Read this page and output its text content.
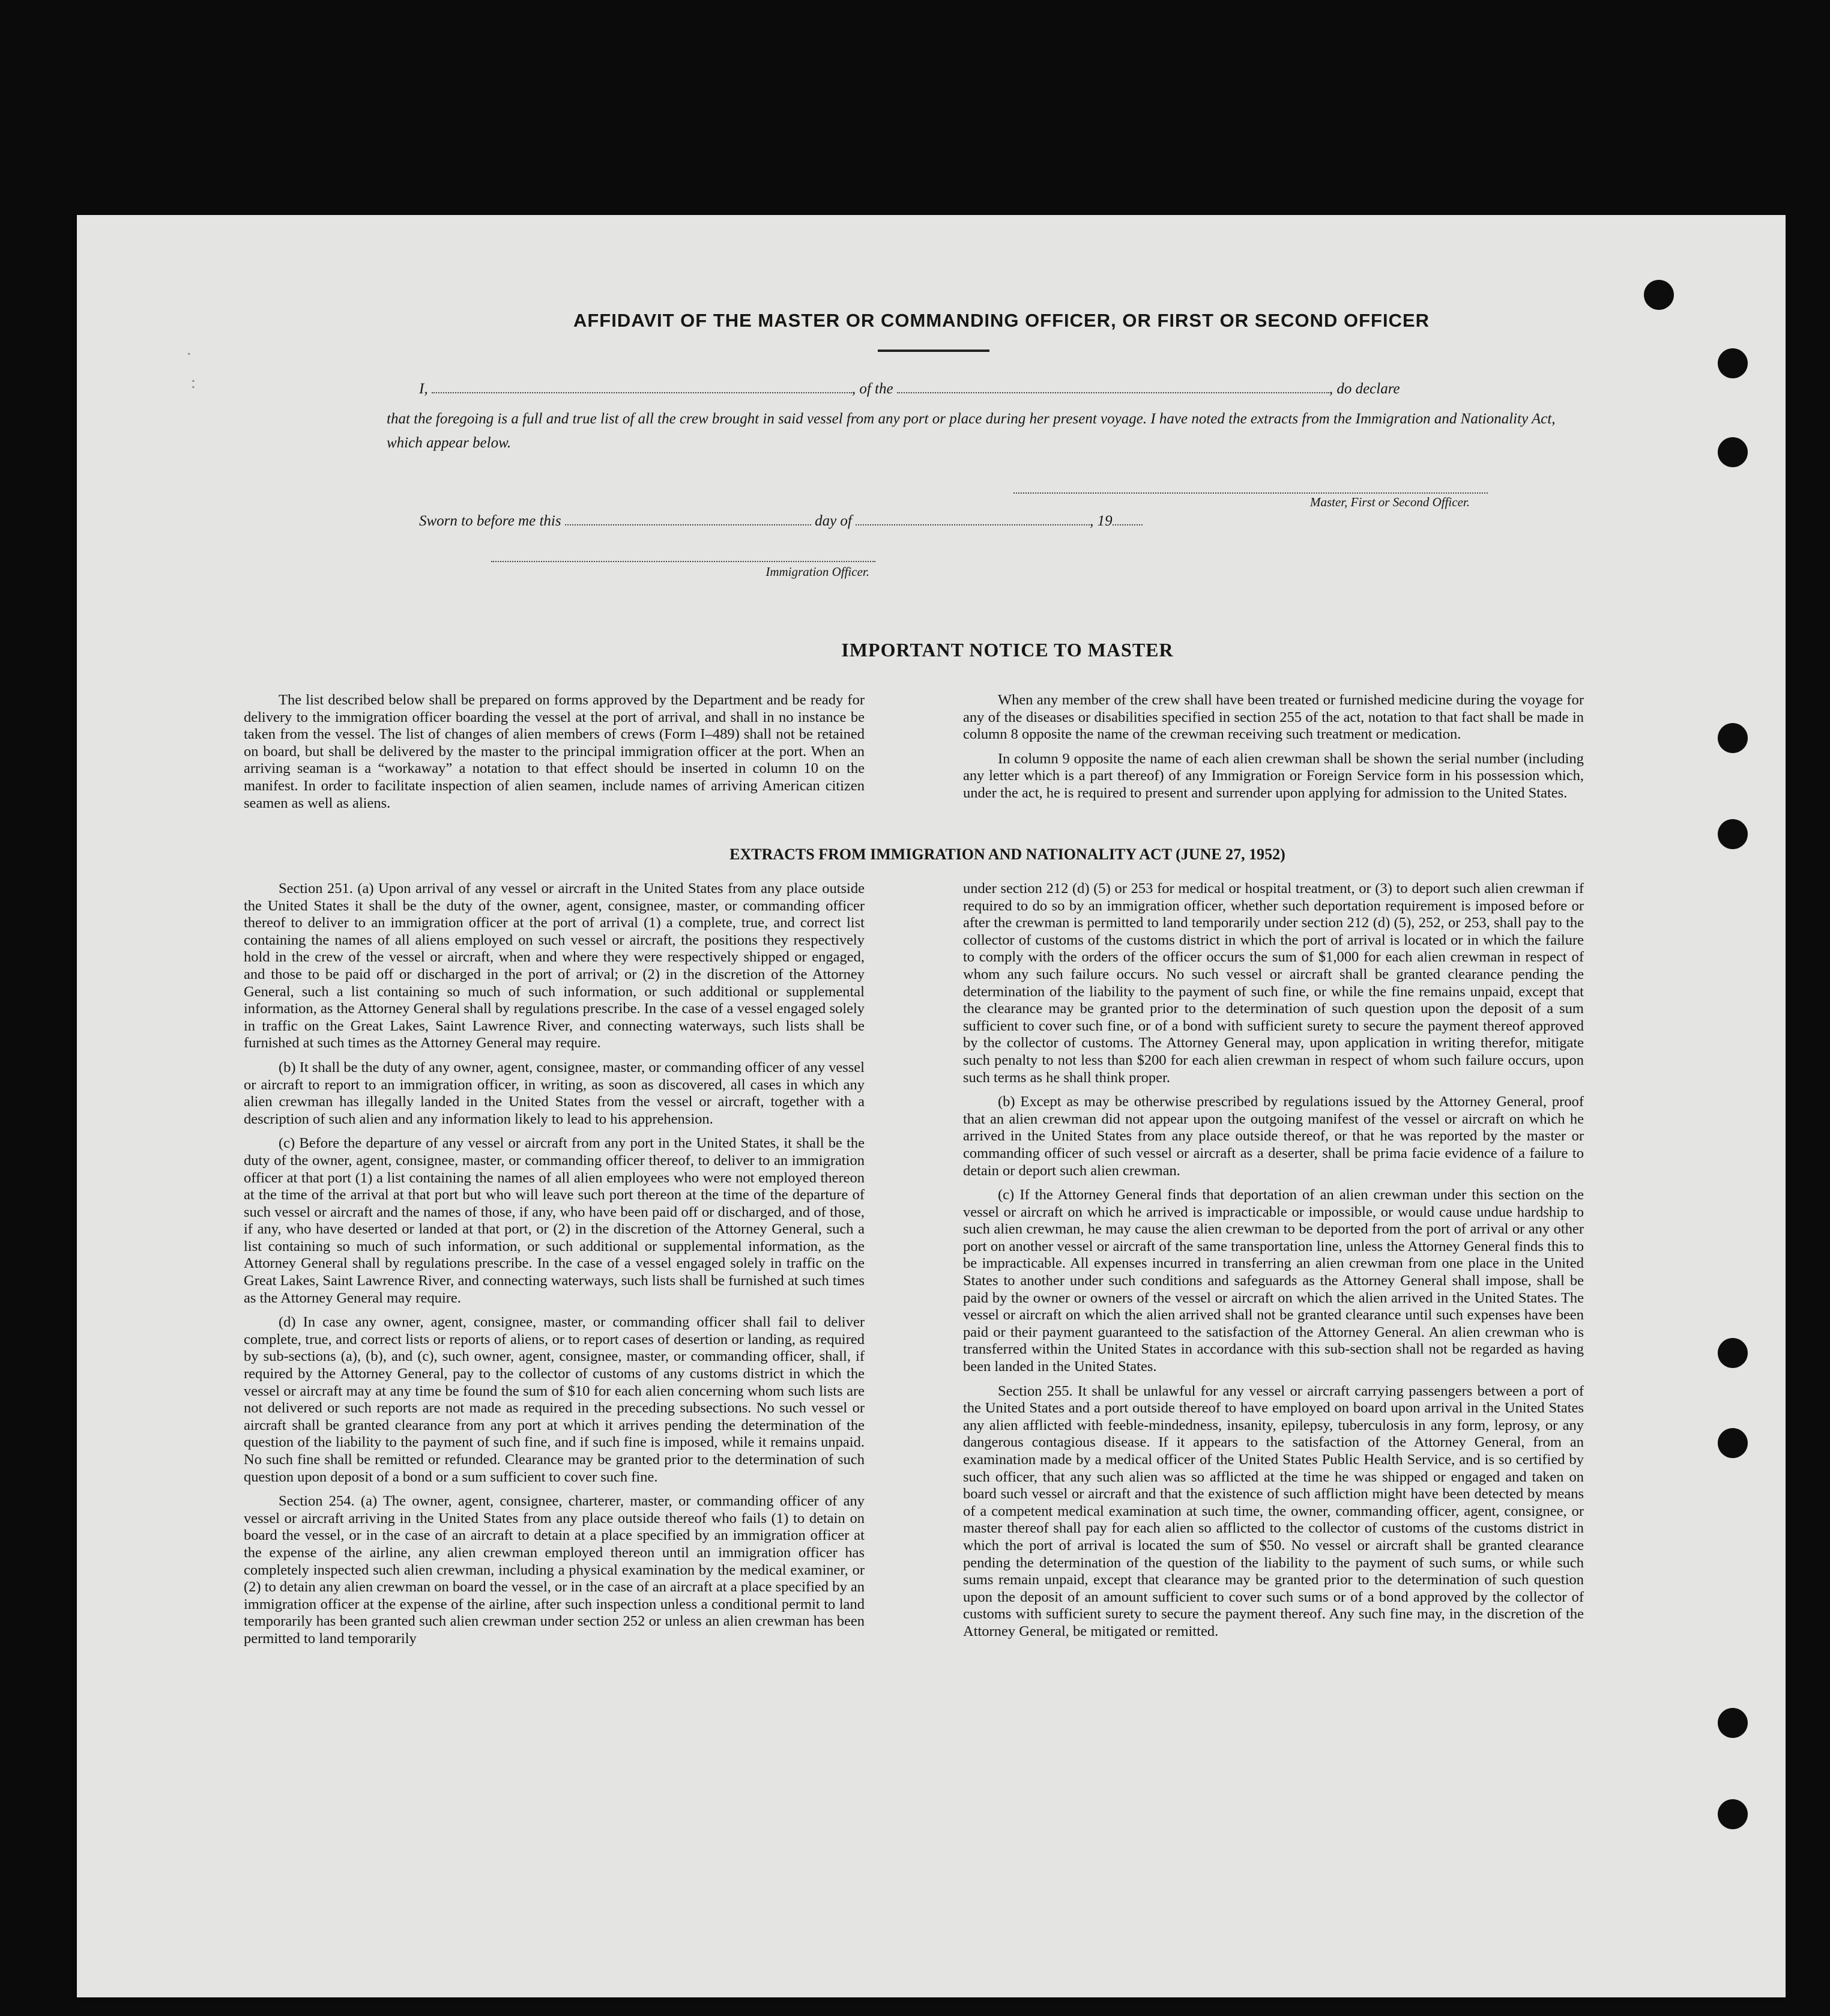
AFFIDAVIT OF THE MASTER OR COMMANDING OFFICER, OR FIRST OR SECOND OFFICER
I,	, of the	, do declare
that the foregoing is a full and true list of all the crew brought in said vessel from any port or place during her present voyage. I have noted the extracts from the Immigration and Nationality Act, which appear below.
Master, First or Second Officer.
Sworn to before me this	day of	, 19
Immigration Officer.
IMPORTANT NOTICE TO MASTER

The list described below shall be prepared on forms approved by the Department and be ready for delivery to the immigration officer boarding the vessel at the port of arrival, and shall in no instance be taken from the vessel. The list of changes of alien members of crews (Form I–489) shall not be retained on board, but shall be delivered by the master to the principal immigration officer at the port. When an arriving seaman is a “workaway” a notation to that effect should be inserted in column 10 on the manifest. In order to facilitate inspection of alien seamen, include names of arriving American citizen seamen as well as aliens.

When any member of the crew shall have been treated or furnished medicine during the voyage for any of the diseases or disabilities specified in section 255 of the act, notation to that fact shall be made in column 8 opposite the name of the crewman receiving such treatment or medication.

In column 9 opposite the name of each alien crewman shall be shown the serial number (including any letter which is a part thereof) of any Immigration or Foreign Service form in his possession which, under the act, he is required to present and surrender upon applying for admission to the United States.

EXTRACTS FROM IMMIGRATION AND NATIONALITY ACT (JUNE 27, 1952)

Section 251. (a) Upon arrival of any vessel or aircraft in the United States from any place outside the United States it shall be the duty of the owner, agent, consignee, master, or commanding officer thereof to deliver to an immigration officer at the port of arrival (1) a complete, true, and correct list containing the names of all aliens employed on such vessel or aircraft, the positions they respectively hold in the crew of the vessel or aircraft, when and where they were respectively shipped or engaged, and those to be paid off or discharged in the port of arrival; or (2) in the discretion of the Attorney General, such a list containing so much of such information, or such additional or supplemental information, as the Attorney General shall by regulations prescribe. In the case of a vessel engaged solely in traffic on the Great Lakes, Saint Lawrence River, and connecting waterways, such lists shall be furnished at such times as the Attorney General may require.

(b) It shall be the duty of any owner, agent, consignee, master, or commanding officer of any vessel or aircraft to report to an immigration officer, in writing, as soon as discovered, all cases in which any alien crewman has illegally landed in the United States from the vessel or aircraft, together with a description of such alien and any information likely to lead to his apprehension.

(c) Before the departure of any vessel or aircraft from any port in the United States, it shall be the duty of the owner, agent, consignee, master, or commanding officer thereof, to deliver to an immigration officer at that port (1) a list containing the names of all alien employees who were not employed thereon at the time of the arrival at that port but who will leave such port thereon at the time of the departure of such vessel or aircraft and the names of those, if any, who have been paid off or discharged, and of those, if any, who have deserted or landed at that port, or (2) in the discretion of the Attorney General, such a list containing so much of such information, or such additional or supplemental information, as the Attorney General shall by regulations prescribe. In the case of a vessel engaged solely in traffic on the Great Lakes, Saint Lawrence River, and connecting waterways, such lists shall be furnished at such times as the Attorney General may require.

(d) In case any owner, agent, consignee, master, or commanding officer shall fail to deliver complete, true, and correct lists or reports of aliens, or to report cases of desertion or landing, as required by sub-sections (a), (b), and (c), such owner, agent, consignee, master, or commanding officer, shall, if required by the Attorney General, pay to the collector of customs of any customs district in which the vessel or aircraft may at any time be found the sum of $10 for each alien concerning whom such lists are not delivered or such reports are not made as required in the preceding subsections. No such vessel or aircraft shall be granted clearance from any port at which it arrives pending the determination of the question of the liability to the payment of such fine, and if such fine is imposed, while it remains unpaid. No such fine shall be remitted or refunded. Clearance may be granted prior to the determination of such question upon deposit of a bond or a sum sufficient to cover such fine.

Section 254. (a) The owner, agent, consignee, charterer, master, or commanding officer of any vessel or aircraft arriving in the United States from any place outside thereof who fails (1) to detain on board the vessel, or in the case of an aircraft to detain at a place specified by an immigration officer at the expense of the airline, any alien crewman employed thereon until an immigration officer has completely inspected such alien crewman, including a physical examination by the medical examiner, or (2) to detain any alien crewman on board the vessel, or in the case of an aircraft at a place specified by an immigration officer at the expense of the airline, after such inspection unless a conditional permit to land temporarily has been granted such alien crewman under section 252 or unless an alien crewman has been permitted to land temporarily

under section 212 (d) (5) or 253 for medical or hospital treatment, or (3) to deport such alien crewman if required to do so by an immigration officer, whether such deportation requirement is imposed before or after the crewman is permitted to land temporarily under section 212 (d) (5), 252, or 253, shall pay to the collector of customs of the customs district in which the port of arrival is located or in which the failure to comply with the orders of the officer occurs the sum of $1,000 for each alien crewman in respect of whom any such failure occurs. No such vessel or aircraft shall be granted clearance pending the determination of the liability to the payment of such fine, or while the fine remains unpaid, except that the clearance may be granted prior to the determination of such question upon the deposit of a sum sufficient to cover such fine, or of a bond with sufficient surety to secure the payment thereof approved by the collector of customs. The Attorney General may, upon application in writing therefor, mitigate such penalty to not less than $200 for each alien crewman in respect of whom such failure occurs, upon such terms as he shall think proper.

(b) Except as may be otherwise prescribed by regulations issued by the Attorney General, proof that an alien crewman did not appear upon the outgoing manifest of the vessel or aircraft on which he arrived in the United States from any place outside thereof, or that he was reported by the master or commanding officer of such vessel or aircraft as a deserter, shall be prima facie evidence of a failure to detain or deport such alien crewman.

(c) If the Attorney General finds that deportation of an alien crewman under this section on the vessel or aircraft on which he arrived is impracticable or impossible, or would cause undue hardship to such alien crewman, he may cause the alien crewman to be deported from the port of arrival or any other port on another vessel or aircraft of the same transportation line, unless the Attorney General finds this to be impracticable. All expenses incurred in transferring an alien crewman from one place in the United States to another under such conditions and safeguards as the Attorney General shall impose, shall be paid by the owner or owners of the vessel or aircraft on which the alien arrived in the United States. The vessel or aircraft on which the alien arrived shall not be granted clearance until such expenses have been paid or their payment guaranteed to the satisfaction of the Attorney General. An alien crewman who is transferred within the United States in accordance with this sub-section shall not be regarded as having been landed in the United States.

Section 255. It shall be unlawful for any vessel or aircraft carrying passengers between a port of the United States and a port outside thereof to have employed on board upon arrival in the United States any alien afflicted with feeble-mindedness, insanity, epilepsy, tuberculosis in any form, leprosy, or any dangerous contagious disease. If it appears to the satisfaction of the Attorney General, from an examination made by a medical officer of the United States Public Health Service, and is so certified by such officer, that any such alien was so afflicted at the time he was shipped or engaged and taken on board such vessel or aircraft and that the existence of such affliction might have been detected by means of a competent medical examination at such time, the owner, commanding officer, agent, consignee, or master thereof shall pay for each alien so afflicted to the collector of customs of the customs district in which the port of arrival is located the sum of $50. No vessel or aircraft shall be granted clearance pending the determination of the question of the liability to the payment of such sums, or while such sums remain unpaid, except that clearance may be granted prior to the determination of such question upon the deposit of an amount sufficient to cover such sums or of a bond approved by the collector of customs with sufficient surety to secure the payment thereof. Any such fine may, in the discretion of the Attorney General, be mitigated or remitted.

·
:
